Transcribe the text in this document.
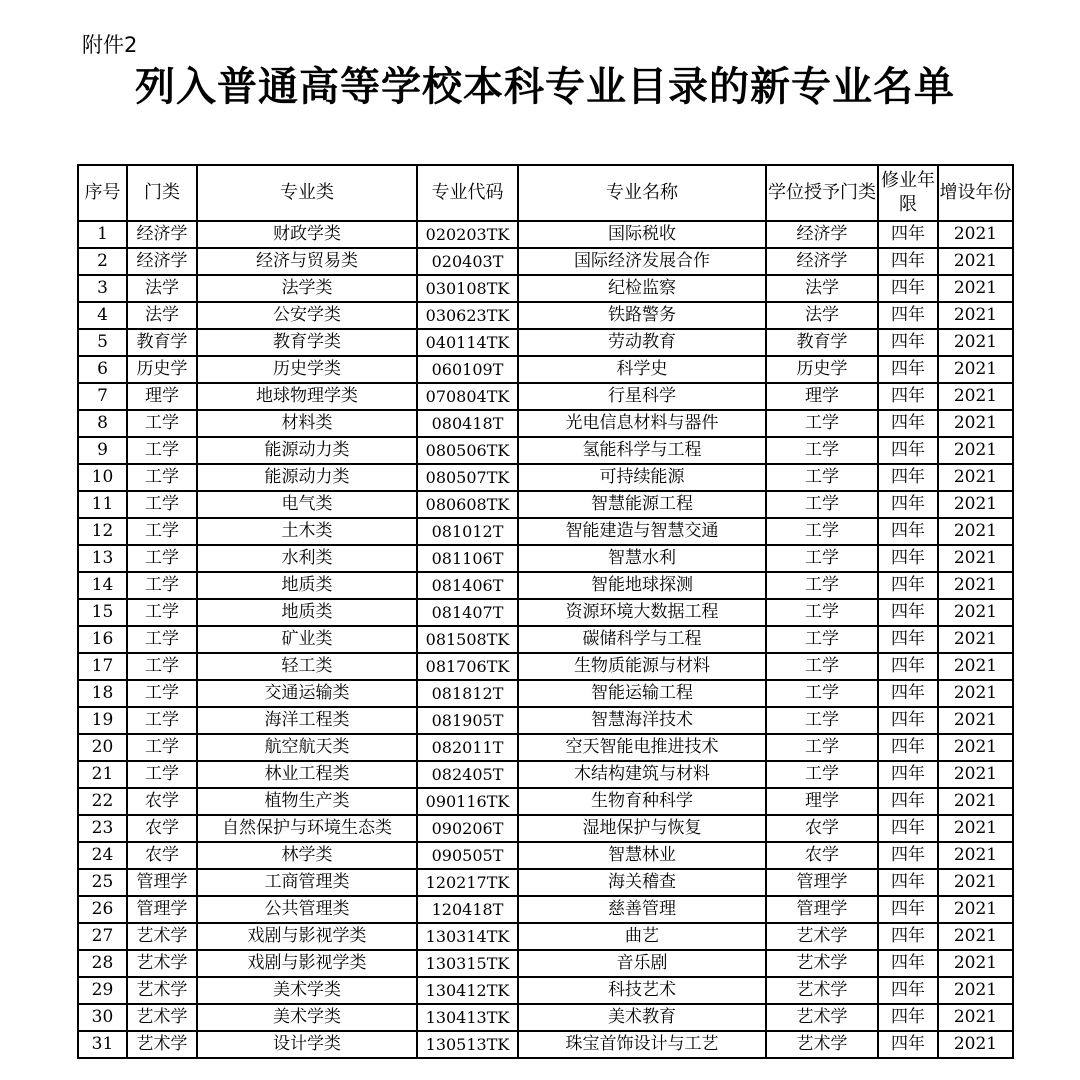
附件2
列入普通高等学校本科专业目录的新专业名单
序号	门类	专业类	专业代码	专业名称	学位授予门类	修业年限	增设年份
1	经济学	财政学类	020203TK	国际税收	经济学	四年	2021
2	经济学	经济与贸易类	020403T	国际经济发展合作	经济学	四年	2021
3	法学	法学类	030108TK	纪检监察	法学	四年	2021
4	法学	公安学类	030623TK	铁路警务	法学	四年	2021
5	教育学	教育学类	040114TK	劳动教育	教育学	四年	2021
6	历史学	历史学类	060109T	科学史	历史学	四年	2021
7	理学	地球物理学类	070804TK	行星科学	理学	四年	2021
8	工学	材料类	080418T	光电信息材料与器件	工学	四年	2021
9	工学	能源动力类	080506TK	氢能科学与工程	工学	四年	2021
10	工学	能源动力类	080507TK	可持续能源	工学	四年	2021
11	工学	电气类	080608TK	智慧能源工程	工学	四年	2021
12	工学	土木类	081012T	智能建造与智慧交通	工学	四年	2021
13	工学	水利类	081106T	智慧水利	工学	四年	2021
14	工学	地质类	081406T	智能地球探测	工学	四年	2021
15	工学	地质类	081407T	资源环境大数据工程	工学	四年	2021
16	工学	矿业类	081508TK	碳储科学与工程	工学	四年	2021
17	工学	轻工类	081706TK	生物质能源与材料	工学	四年	2021
18	工学	交通运输类	081812T	智能运输工程	工学	四年	2021
19	工学	海洋工程类	081905T	智慧海洋技术	工学	四年	2021
20	工学	航空航天类	082011T	空天智能电推进技术	工学	四年	2021
21	工学	林业工程类	082405T	木结构建筑与材料	工学	四年	2021
22	农学	植物生产类	090116TK	生物育种科学	理学	四年	2021
23	农学	自然保护与环境生态类	090206T	湿地保护与恢复	农学	四年	2021
24	农学	林学类	090505T	智慧林业	农学	四年	2021
25	管理学	工商管理类	120217TK	海关稽查	管理学	四年	2021
26	管理学	公共管理类	120418T	慈善管理	管理学	四年	2021
27	艺术学	戏剧与影视学类	130314TK	曲艺	艺术学	四年	2021
28	艺术学	戏剧与影视学类	130315TK	音乐剧	艺术学	四年	2021
29	艺术学	美术学类	130412TK	科技艺术	艺术学	四年	2021
30	艺术学	美术学类	130413TK	美术教育	艺术学	四年	2021
31	艺术学	设计学类	130513TK	珠宝首饰设计与工艺	艺术学	四年	2021
